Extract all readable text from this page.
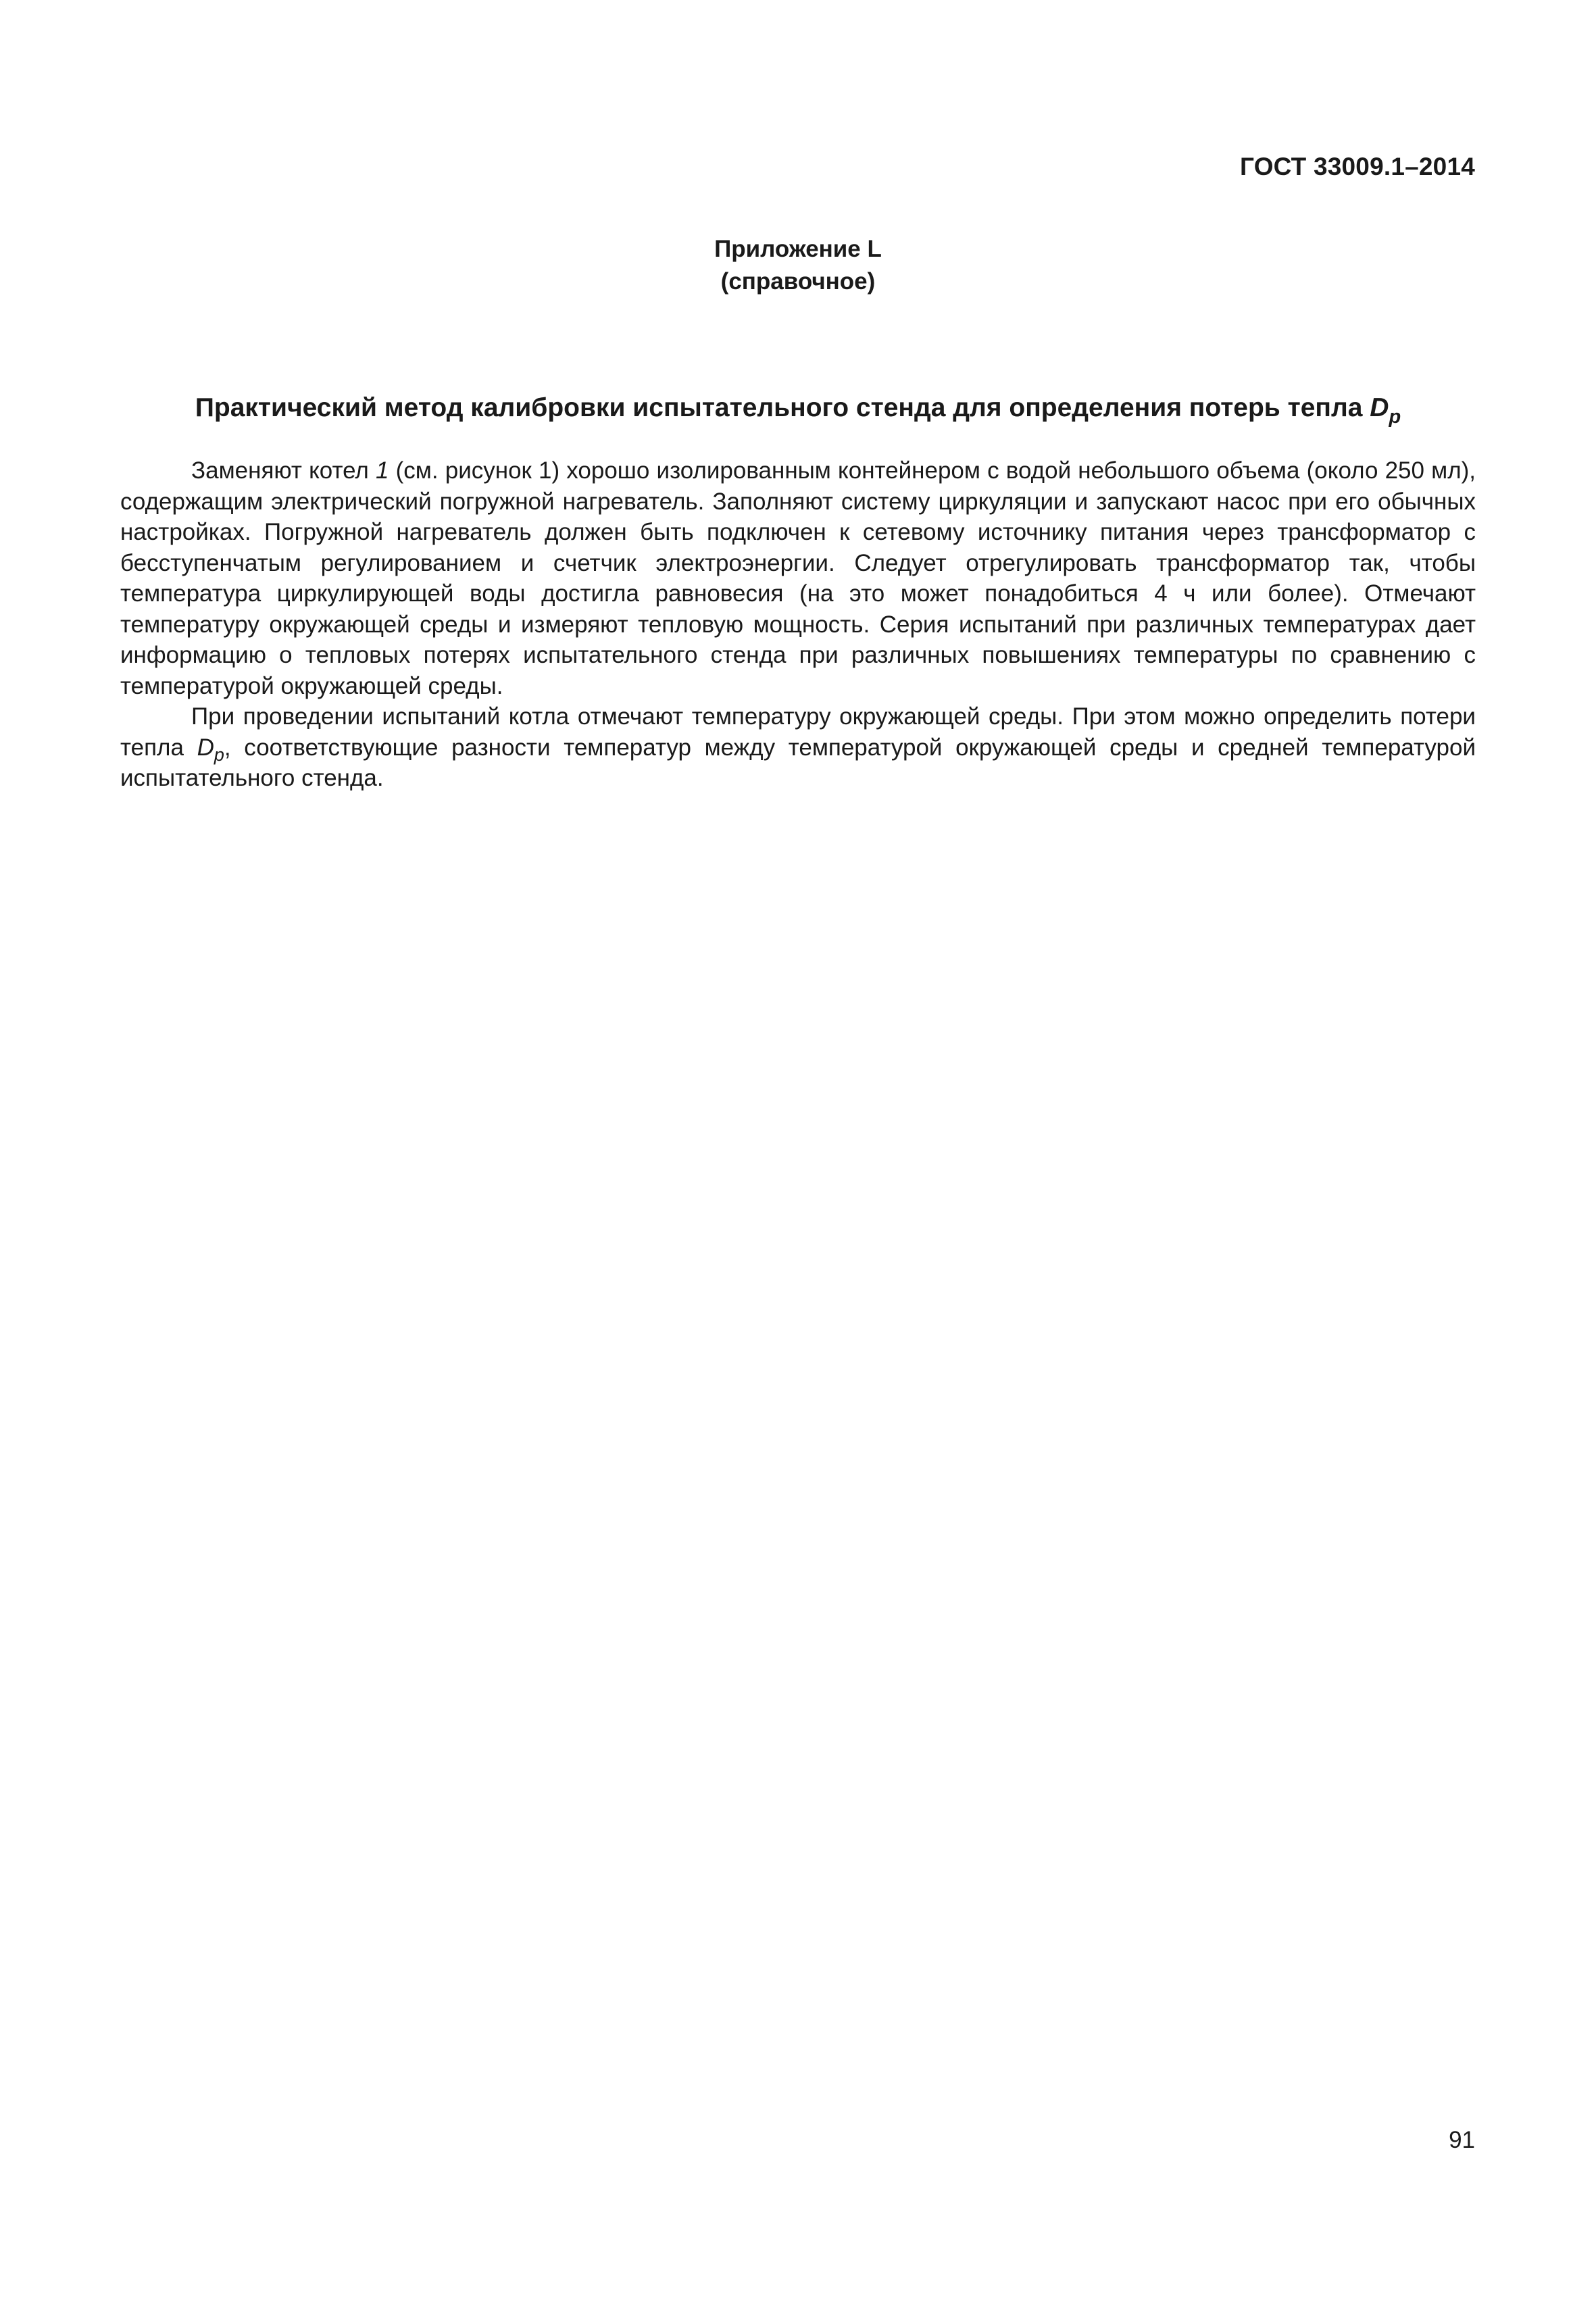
ГОСТ 33009.1–2014
Приложение L
(справочное)
Практический метод калибровки испытательного стенда для определения потерь тепла $D_p$

Заменяют котел 1 (см. рисунок 1) хорошо изолированным контейнером с водой небольшого объема (около 250 мл), содержащим электрический погружной нагреватель. Заполняют систему циркуляции и запускают насос при его обычных настройках. Погружной нагреватель должен быть подключен к сетевому источнику питания через трансформатор с бесступенчатым регулированием и счетчик электроэнергии. Следует отрегулировать трансформатор так, чтобы температура циркулирующей воды достигла равновесия (на это может понадобиться 4 ч или более). Отмечают температуру окружающей среды и измеряют тепловую мощность. Серия испытаний при различных температурах дает информацию о тепловых потерях испытательного стенда при различных повышениях температуры по сравнению с температурой окружающей среды.

При проведении испытаний котла отмечают температуру окружающей среды. При этом можно определить потери тепла $D_p$, соответствующие разности температур между температурой окружающей среды и средней температурой испытательного стенда.

91
